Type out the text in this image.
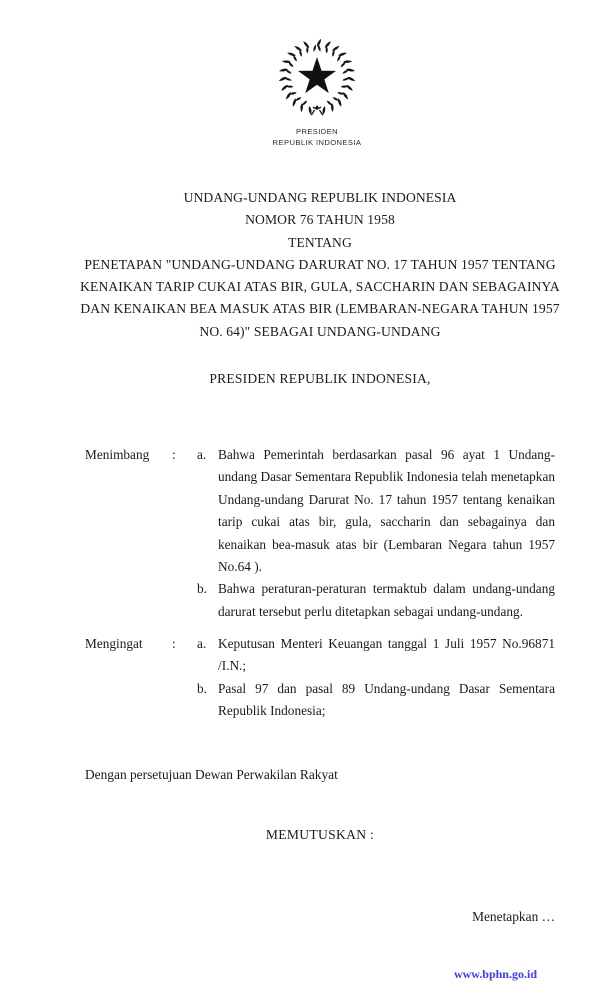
PRESIDEN
REPUBLIK INDONESIA
UNDANG-UNDANG REPUBLIK INDONESIA
NOMOR 76 TAHUN 1958
TENTANG
PENETAPAN "UNDANG-UNDANG DARURAT NO. 17 TAHUN 1957 TENTANG
KENAIKAN TARIP CUKAI ATAS BIR, GULA, SACCHARIN DAN SEBAGAINYA
DAN KENAIKAN BEA MASUK ATAS BIR (LEMBARAN-NEGARA TAHUN 1957
NO. 64)" SEBAGAI UNDANG-UNDANG
PRESIDEN REPUBLIK INDONESIA,
Menimbang	:	a. Bahwa Pemerintah berdasarkan pasal 96 ayat 1 Undang-undang Dasar Sementara Republik Indonesia telah menetapkan Undang-undang Darurat No. 17 tahun 1957 tentang kenaikan tarip cukai atas bir, gula, saccharin dan sebagainya dan kenaikan bea-masuk atas bir (Lembaran Negara tahun 1957 No.64 ).
b. Bahwa peraturan-peraturan termaktub dalam undang-undang darurat tersebut perlu ditetapkan sebagai undang-undang.
Mengingat	:	a. Keputusan Menteri Keuangan tanggal 1 Juli 1957 No.96871 /I.N.;
b. Pasal 97 dan pasal 89 Undang-undang Dasar Sementara Republik Indonesia;
Dengan persetujuan Dewan Perwakilan Rakyat
MEMUTUSKAN :
Menetapkan …
www.bphn.go.id
